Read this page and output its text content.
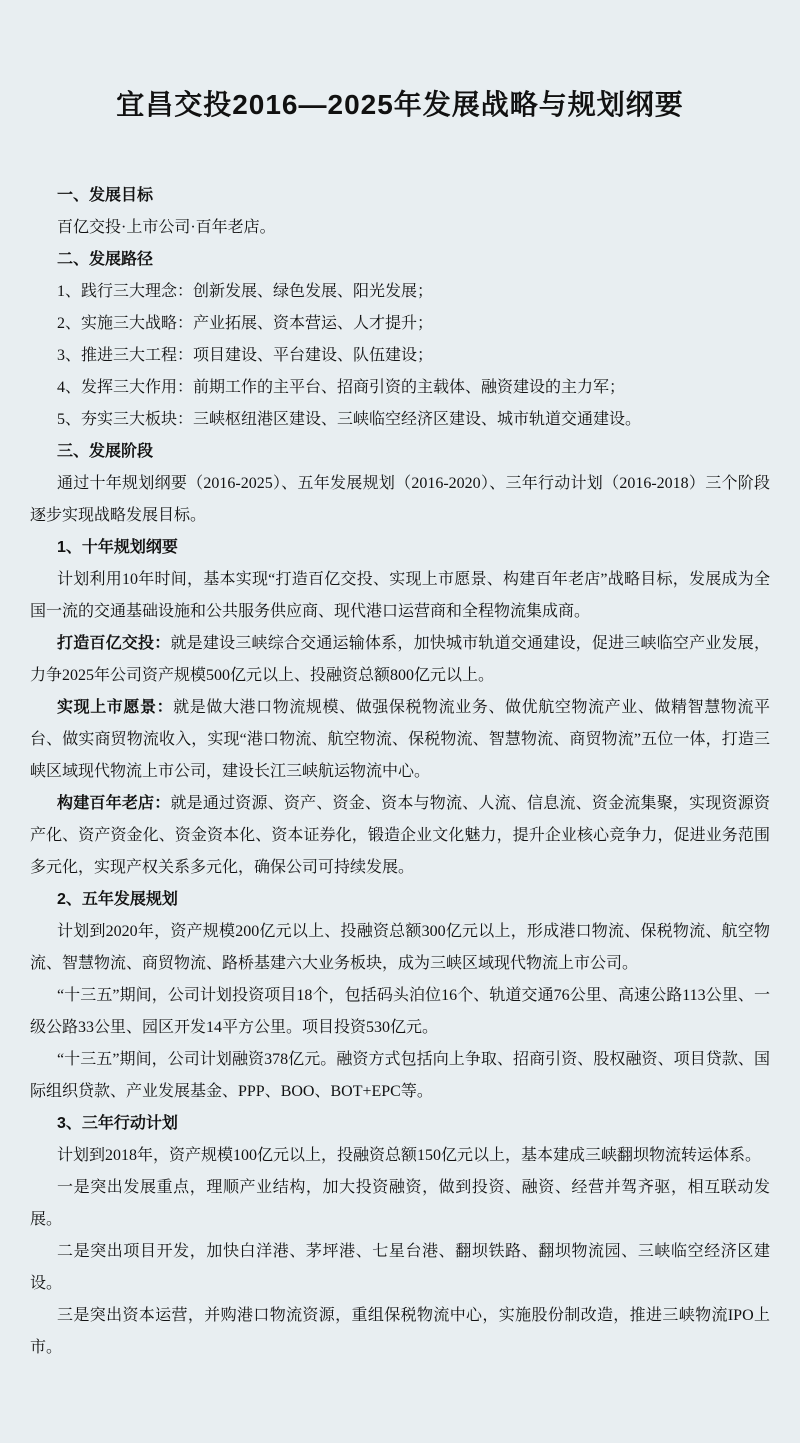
宜昌交投2016—2025年发展战略与规划纲要
一、发展目标

百亿交投·上市公司·百年老店。

二、发展路径

1、践行三大理念：创新发展、绿色发展、阳光发展；

2、实施三大战略：产业拓展、资本营运、人才提升；

3、推进三大工程：项目建设、平台建设、队伍建设；

4、发挥三大作用：前期工作的主平台、招商引资的主载体、融资建设的主力军；

5、夯实三大板块：三峡枢纽港区建设、三峡临空经济区建设、城市轨道交通建设。

三、发展阶段

通过十年规划纲要（2016-2025）、五年发展规划（2016-2020）、三年行动计划（2016-2018）三个阶段逐步实现战略发展目标。

1、十年规划纲要

计划利用10年时间，基本实现“打造百亿交投、实现上市愿景、构建百年老店”战略目标，发展成为全国一流的交通基础设施和公共服务供应商、现代港口运营商和全程物流集成商。

打造百亿交投：就是建设三峡综合交通运输体系，加快城市轨道交通建设，促进三峡临空产业发展，力争2025年公司资产规模500亿元以上、投融资总额800亿元以上。

实现上市愿景：就是做大港口物流规模、做强保税物流业务、做优航空物流产业、做精智慧物流平台、做实商贸物流收入，实现“港口物流、航空物流、保税物流、智慧物流、商贸物流”五位一体，打造三峡区域现代物流上市公司，建设长江三峡航运物流中心。

构建百年老店：就是通过资源、资产、资金、资本与物流、人流、信息流、资金流集聚，实现资源资产化、资产资金化、资金资本化、资本证券化，锻造企业文化魅力，提升企业核心竞争力，促进业务范围多元化，实现产权关系多元化，确保公司可持续发展。

2、五年发展规划

计划到2020年，资产规模200亿元以上、投融资总额300亿元以上，形成港口物流、保税物流、航空物流、智慧物流、商贸物流、路桥基建六大业务板块，成为三峡区域现代物流上市公司。

“十三五”期间，公司计划投资项目18个，包括码头泊位16个、轨道交通76公里、高速公路113公里、一级公路33公里、园区开发14平方公里。项目投资530亿元。

“十三五”期间，公司计划融资378亿元。融资方式包括向上争取、招商引资、股权融资、项目贷款、国际组织贷款、产业发展基金、PPP、BOO、BOT+EPC等。

3、三年行动计划

计划到2018年，资产规模100亿元以上，投融资总额150亿元以上，基本建成三峡翻坝物流转运体系。

一是突出发展重点，理顺产业结构，加大投资融资，做到投资、融资、经营并驾齐驱，相互联动发展。

二是突出项目开发，加快白洋港、茅坪港、七星台港、翻坝铁路、翻坝物流园、三峡临空经济区建设。

三是突出资本运营，并购港口物流资源，重组保税物流中心，实施股份制改造，推进三峡物流IPO上市。
